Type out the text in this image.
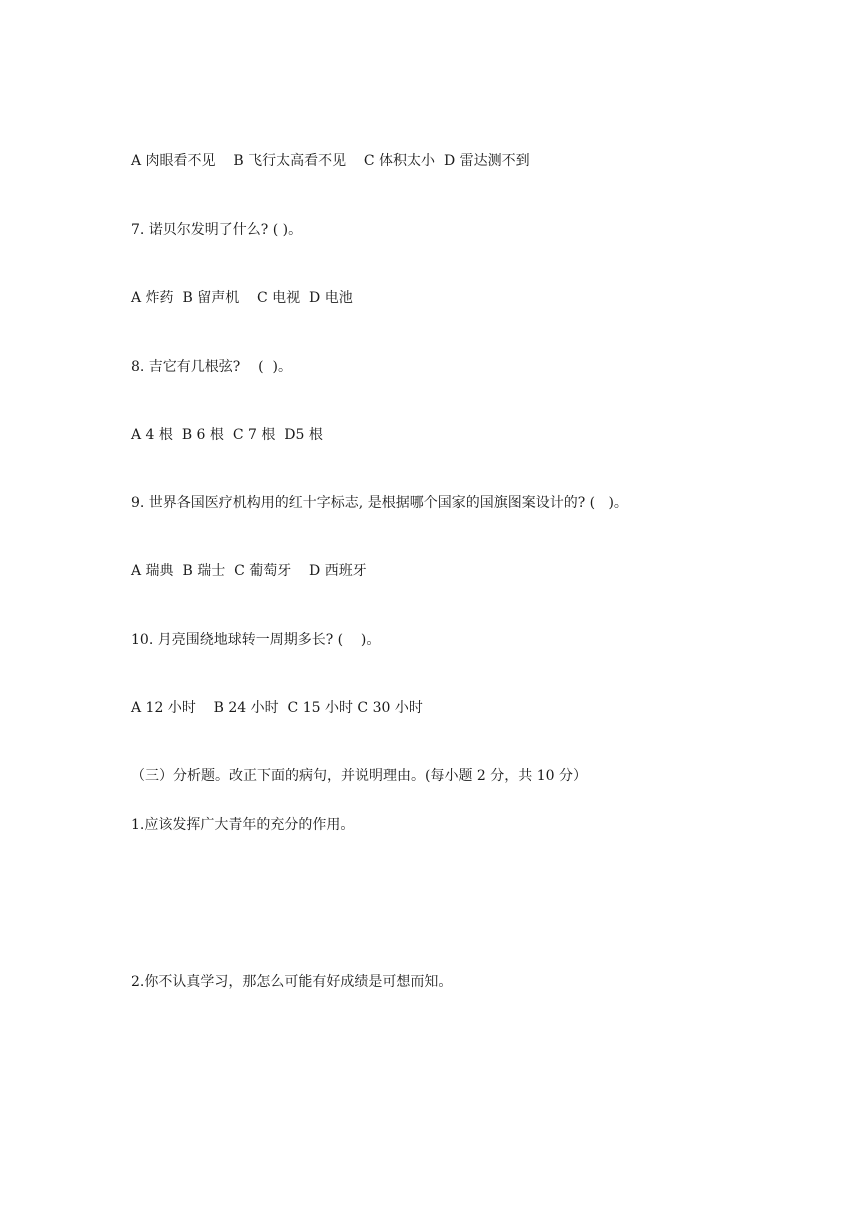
A 肉眼看不见    B 飞行太高看不见    C 体积太小  D 雷达测不到

7. 诺贝尔发明了什么? ( )。

A 炸药  B 留声机    C 电视  D 电池

8. 吉它有几根弦?    (  )。

A 4 根  B 6 根  C 7 根  D5 根

9. 世界各国医疗机构用的红十字标志, 是根据哪个国家的国旗图案设计的? (   )。

A 瑞典  B 瑞士  C 葡萄牙    D 西班牙

10. 月亮围绕地球转一周期多长? (    )。

A 12 小时    B 24 小时  C 15 小时 C 30 小时

（三）分析题。改正下面的病句，并说明理由。(每小题 2 分，共 10 分）

1.应该发挥广大青年的充分的作用。

2.你不认真学习，那怎么可能有好成绩是可想而知。
